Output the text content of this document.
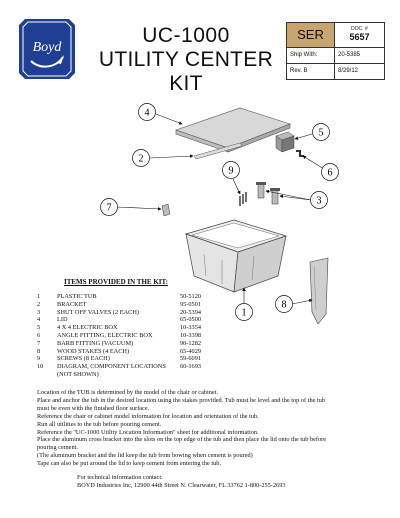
Boyd
UC-1000
UTILITY CENTER KIT
SER	DOC. #
5657
Ship With:	20-5385
Rev. B	8/29/12
4
5
2
9	6
3
7
1
8
ITEMS PROVIDED IN THE KIT:
1	PLASTIC TUB	50-5120
2	BRACKET	95-0501
3	SHUT OFF VALVES (2 EACH)	20-5394
4	LID	65-0500
5	4 X 4 ELECTRIC BOX	10-3354
6	ANGLE FITTING, ELECTRIC BOX	10-3398
7	BARB FITTING (VACUUM)	90-1282
8	WOOD STAKES (4 EACH)	65-4029
9	SCREWS (8 EACH)	59-6091
10 DIAGRAM, COMPONENT LOCATIONS 60-1693
(NOT SHOWN)

Location of the TUB is determined by the model of the chair or cabinet.

Place and anchor the tub in the desired location using the stakes provided. Tub must be level and the top of the tub

must be even with the finished floor surface.

Reference the chair or cabinet model information for location and orientation of the tub.

Run all utilities to the tub before pouring cement.

Reference the "UC-1000 Utility Location Information" sheet for additional information.

Place the aluminum cross bracket into the slots on the top edge of the tub and then place the lid onto the tub before

pouring cement.

(The aluminum bracket and the lid keep the tub from bowing when cement is poured)

Tape can also be put around the lid to keep cement from entering the tub.

For technical information contact:

BOYD Industries Inc, 12900 44th Street N. Clearwater, FL 33762 1-800-255-2693
